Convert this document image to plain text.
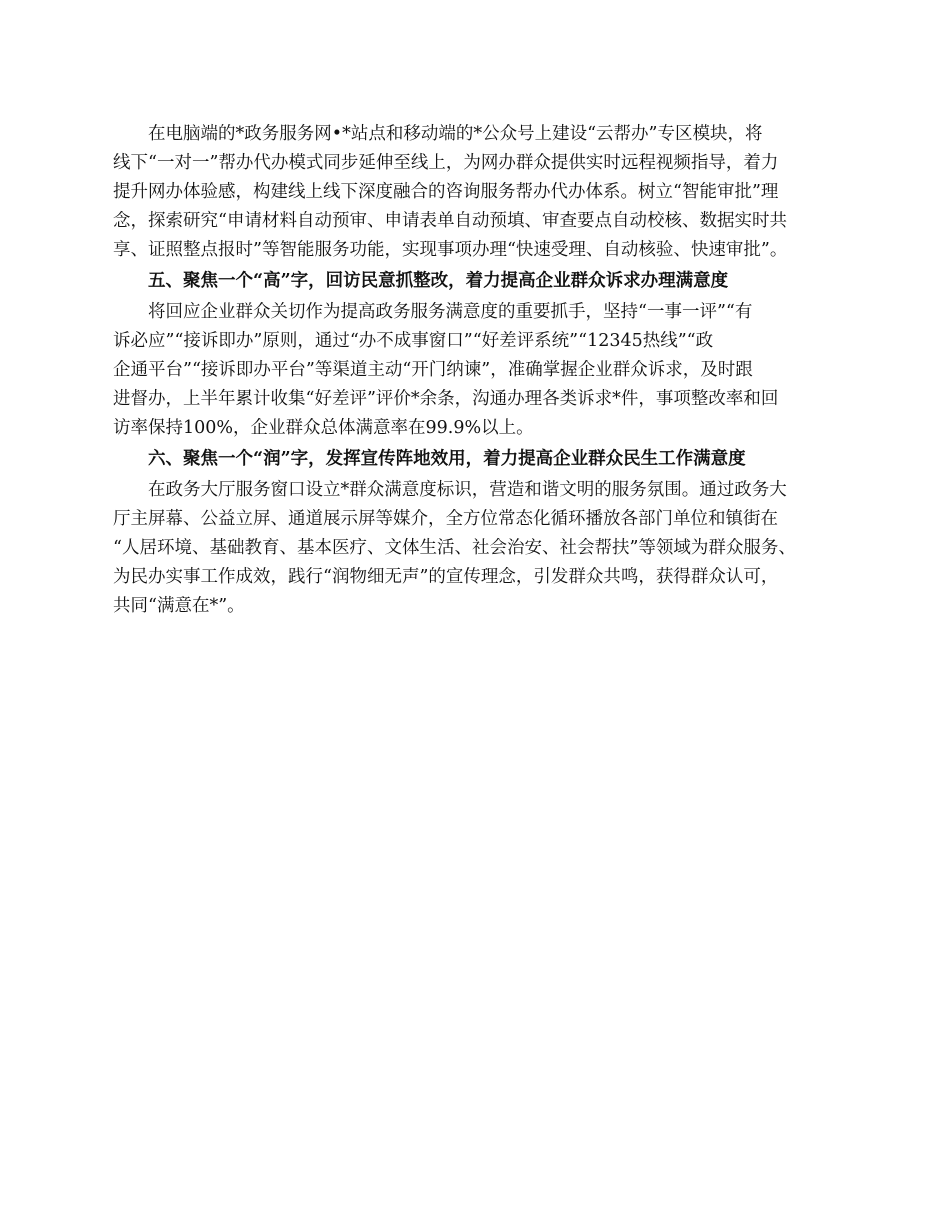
在电脑端的*政务服务网•*站点和移动端的*公众号上建设“云帮办”专区模块，将
线下“一对一”帮办代办模式同步延伸至线上，为网办群众提供实时远程视频指导，着力
提升网办体验感，构建线上线下深度融合的咨询服务帮办代办体系。树立“智能审批”理
念，探索研究“申请材料自动预审、申请表单自动预填、审查要点自动校核、数据实时共
享、证照整点报时”等智能服务功能，实现事项办理“快速受理、自动核验、快速审批”。

五、聚焦一个“高”字，回访民意抓整改，着力提高企业群众诉求办理满意度

将回应企业群众关切作为提高政务服务满意度的重要抓手，坚持“一事一评”“有
诉必应”“接诉即办”原则，通过“办不成事窗口”“好差评系统”“12345热线”“政
企通平台”“接诉即办平台”等渠道主动“开门纳谏”，准确掌握企业群众诉求，及时跟
进督办，上半年累计收集“好差评”评价*余条，沟通办理各类诉求*件，事项整改率和回
访率保持100%，企业群众总体满意率在99.9%以上。

六、聚焦一个“润”字，发挥宣传阵地效用，着力提高企业群众民生工作满意度

在政务大厅服务窗口设立*群众满意度标识，营造和谐文明的服务氛围。通过政务大
厅主屏幕、公益立屏、通道展示屏等媒介，全方位常态化循环播放各部门单位和镇街在
“人居环境、基础教育、基本医疗、文体生活、社会治安、社会帮扶”等领域为群众服务、
为民办实事工作成效，践行“润物细无声”的宣传理念，引发群众共鸣，获得群众认可，
共同“满意在*”。
